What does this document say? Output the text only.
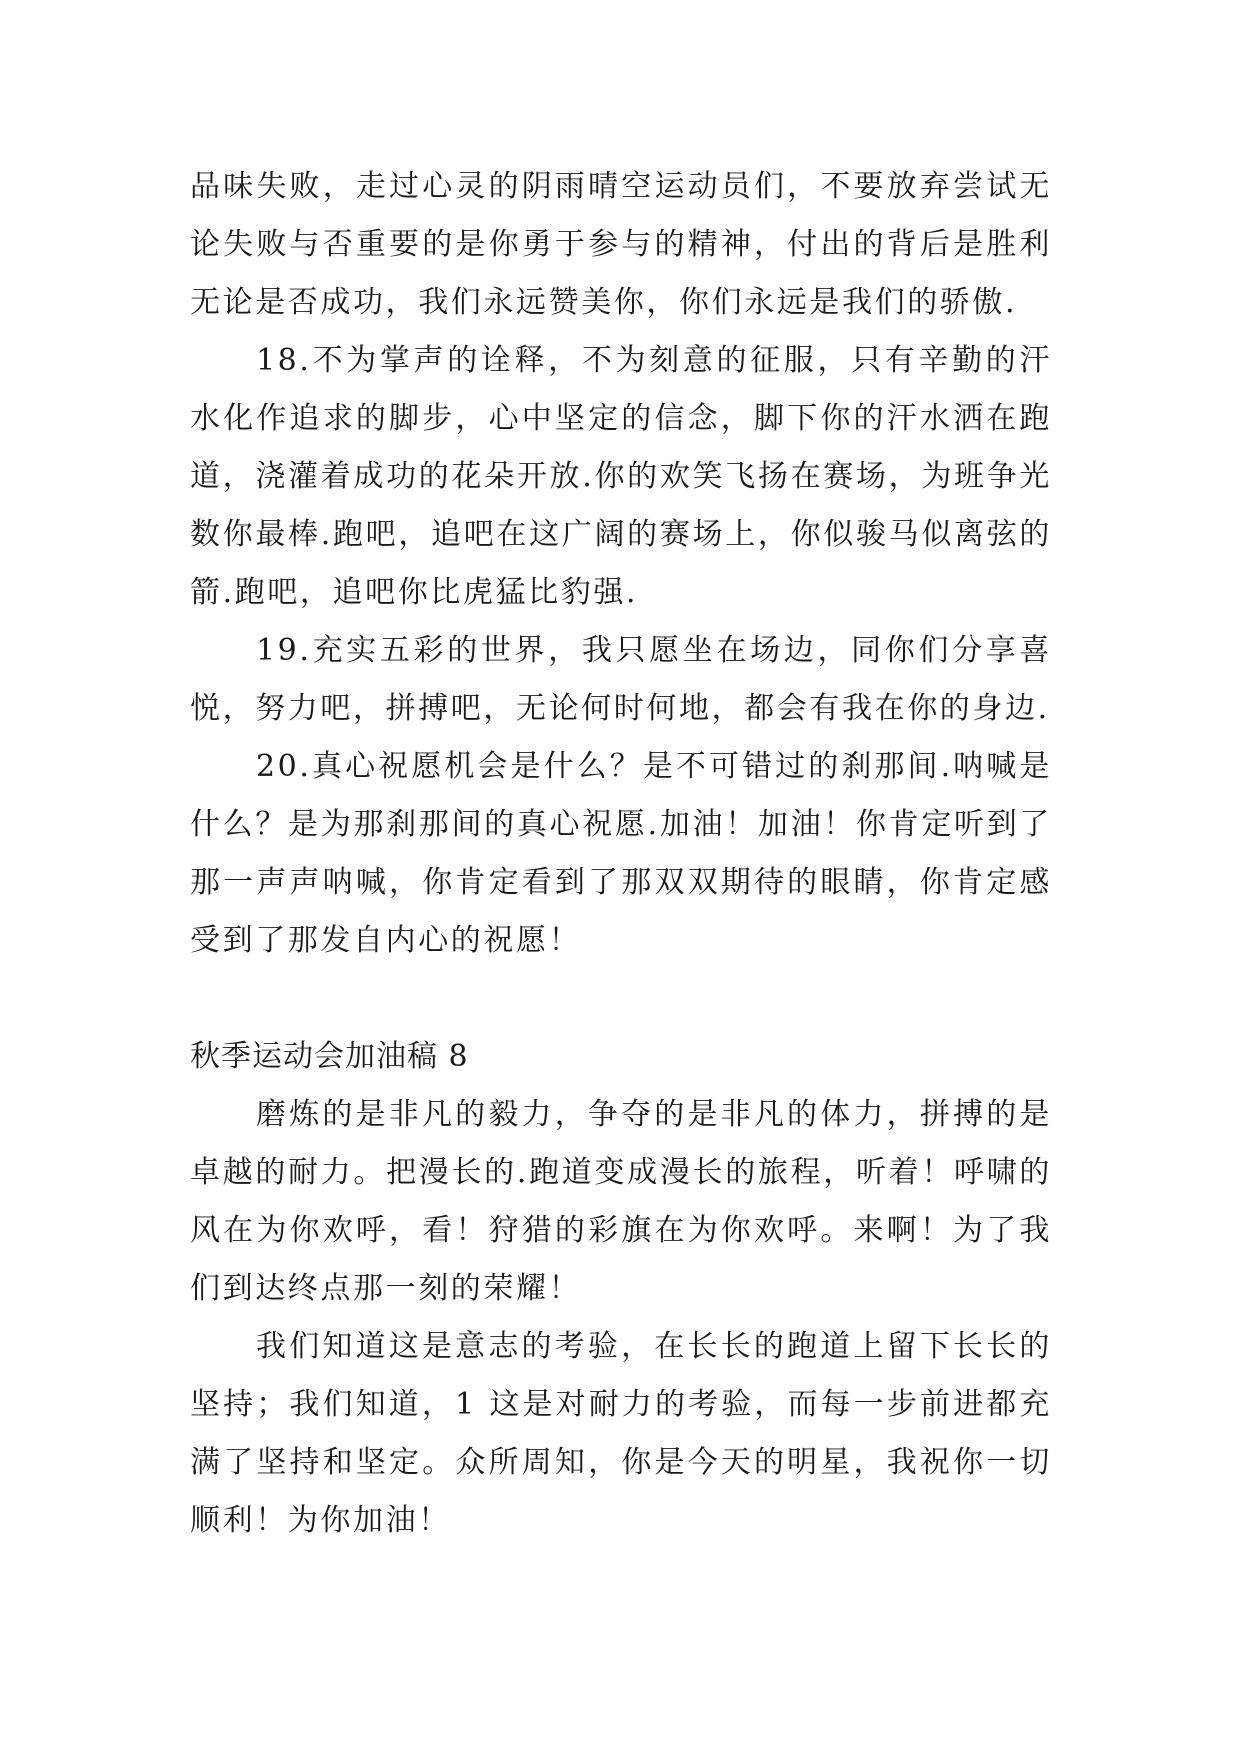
品味失败，走过心灵的阴雨晴空运动员们，不要放弃尝试无论失败与否重要的是你勇于参与的精神，付出的背后是胜利无论是否成功，我们永远赞美你，你们永远是我们的骄傲.

18.不为掌声的诠释，不为刻意的征服，只有辛勤的汗水化作追求的脚步，心中坚定的信念，脚下你的汗水洒在跑道，浇灌着成功的花朵开放.你的欢笑飞扬在赛场，为班争光数你最棒.跑吧，追吧在这广阔的赛场上，你似骏马似离弦的箭.跑吧，追吧你比虎猛比豹强.

19.充实五彩的世界，我只愿坐在场边，同你们分享喜悦，努力吧，拼搏吧，无论何时何地，都会有我在你的身边.

20.真心祝愿机会是什么？是不可错过的刹那间.呐喊是什么？是为那刹那间的真心祝愿.加油！加油！你肯定听到了那一声声呐喊，你肯定看到了那双双期待的眼睛，你肯定感受到了那发自内心的祝愿！

秋季运动会加油稿 8

磨炼的是非凡的毅力，争夺的是非凡的体力，拼搏的是卓越的耐力。把漫长的.跑道变成漫长的旅程，听着！呼啸的风在为你欢呼，看！狩猎的彩旗在为你欢呼。来啊！为了我们到达终点那一刻的荣耀！

我们知道这是意志的考验，在长长的跑道上留下长长的坚持；我们知道，1 这是对耐力的考验，而每一步前进都充满了坚持和坚定。众所周知，你是今天的明星，我祝你一切顺利！为你加油！
